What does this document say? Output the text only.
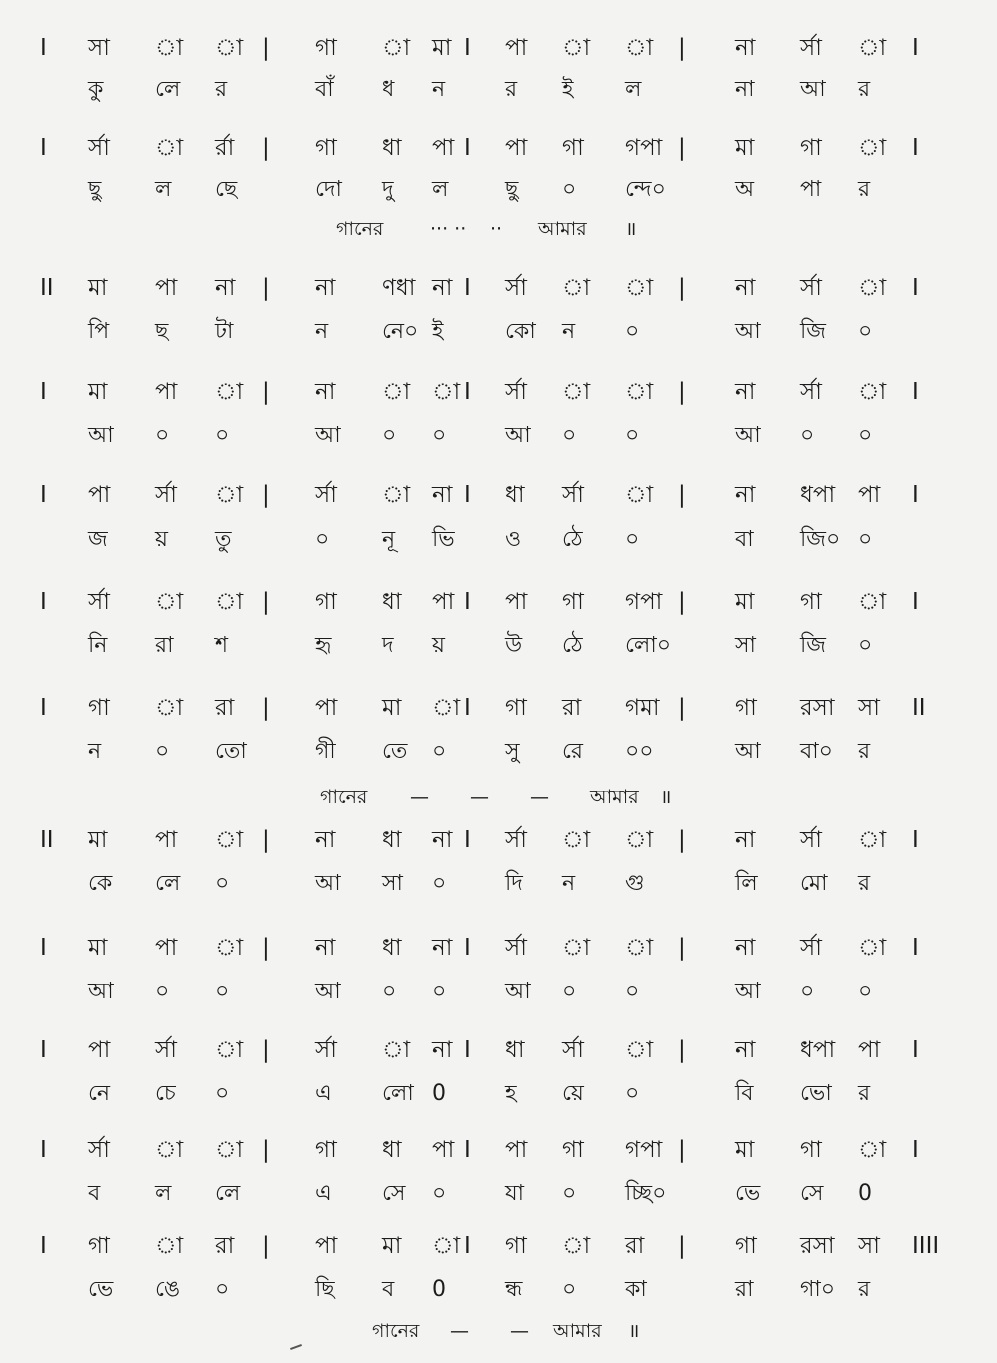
I সা া া | গা া মা I পা া া | না র্সা া I
কু লে র	বাঁ ধ ন	র ই ল	না আ র
I র্সা া র্রা | গা ধা পা I পা গা গপা | মা গা া I
ছু ল ছে	দো দু ল	ছু ০ ন্দে০	অ পা র
গানের ··· ·· ·· আমার ॥
II মা পা না | না ণধা না I র্সা া া | না র্সা া I
পি ছ টা	ন নে০ ই	কো ন ০	আ জি ০
I মা পা া | না া া I র্সা া া | না র্সা া I
আ ০ ০	আ ০ ০	আ ০ ০	আ ০ ০
I পা র্সা া | র্সা া না I ধা র্সা া | না ধপা পা I
জ য় তু	০ নূ ভি ও ঠে ০	বা জি০ ০
I র্সা া া | গা ধা পা I পা গা গপা | মা গা া I
নি রা শ	হৃ দ য়	উ ঠে লো০	সা জি ০
I গা া রা | পা মা া I গা রা গমা | গা রসা সা II
ন ০ তো	গী তে ০	সু রে ০০	আ বা০ র
গানের — — — আমার ॥
II মা পা া | না ধা না I র্সা া া | না র্সা া I
কে লে ০	আ সা ০	দি ন গু	লি মো র
I মা পা া | না ধা না I র্সা া া | না র্সা া I
আ ০ ০	আ ০ ০	আ ০ ০	আ ০ ০
I পা র্সা া | র্সা া না I ধা র্সা া | না ধপা পা I
নে চে ০	এ লো 0	হ য়ে ০	বি ভো র
I র্সা া া | গা ধা পা I পা গা গপা | মা গা া I
ব ল লে	এ সে ০	যা ০ চ্ছি০	ভে সে 0
I গা া রা | পা মা া I গা া রা | গা রসা সা IIII
ভে ঙে ০	ছি ব 0	ন্ধ ০ কা	রা গা০ র
গানের — — আমার ॥
